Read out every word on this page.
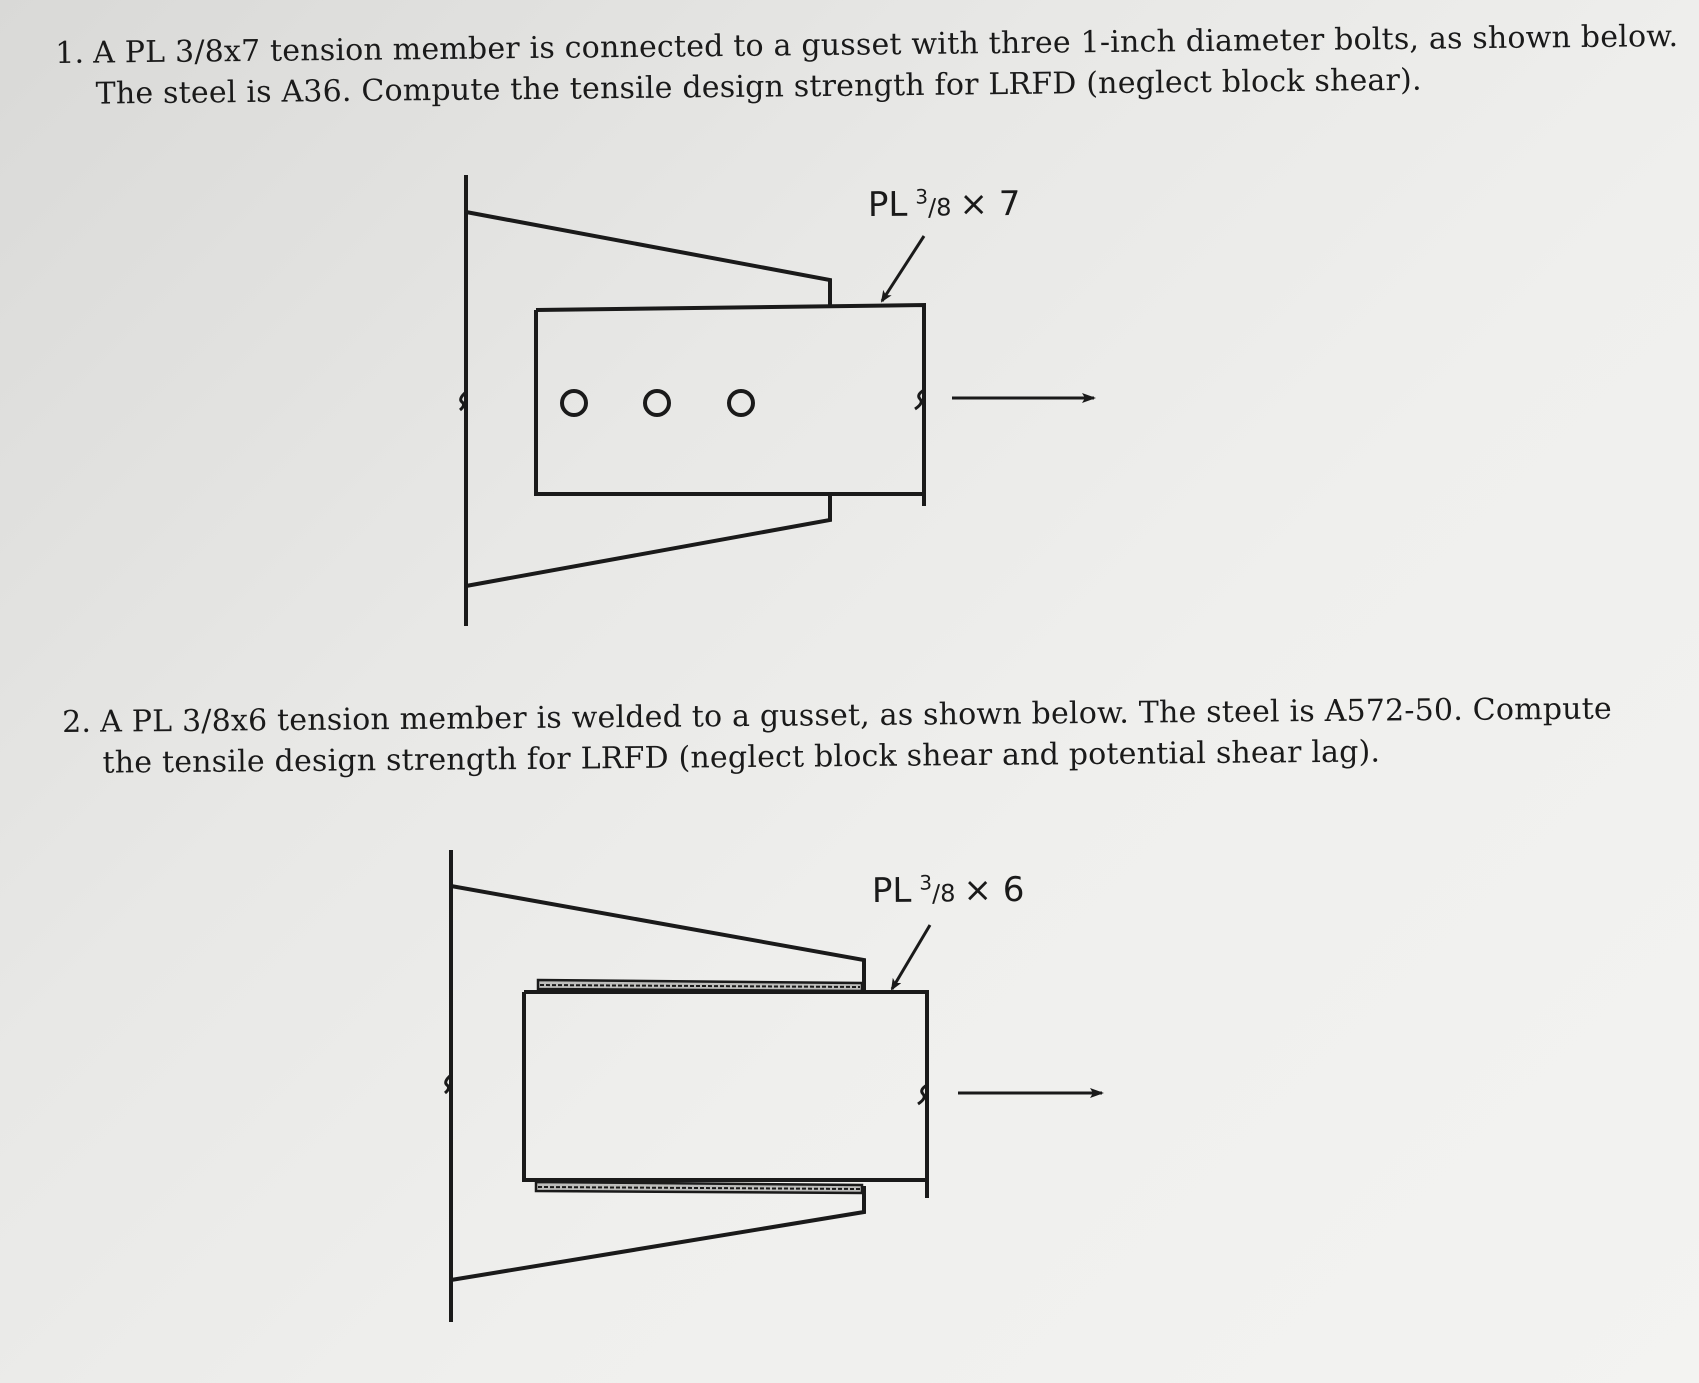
1. A PL 3/8x7 tension member is connected to a gusset with three 1-inch diameter bolts, as shown below.
The steel is A36. Compute the tensile design strength for LRFD (neglect block shear).
2. A PL 3/8x6 tension member is welded to a gusset, as shown below. The steel is A572-50. Compute
the tensile design strength for LRFD (neglect block shear and potential shear lag).
PL $^3_{/8}$ × 7
PL $^3_{/8}$ × 6
